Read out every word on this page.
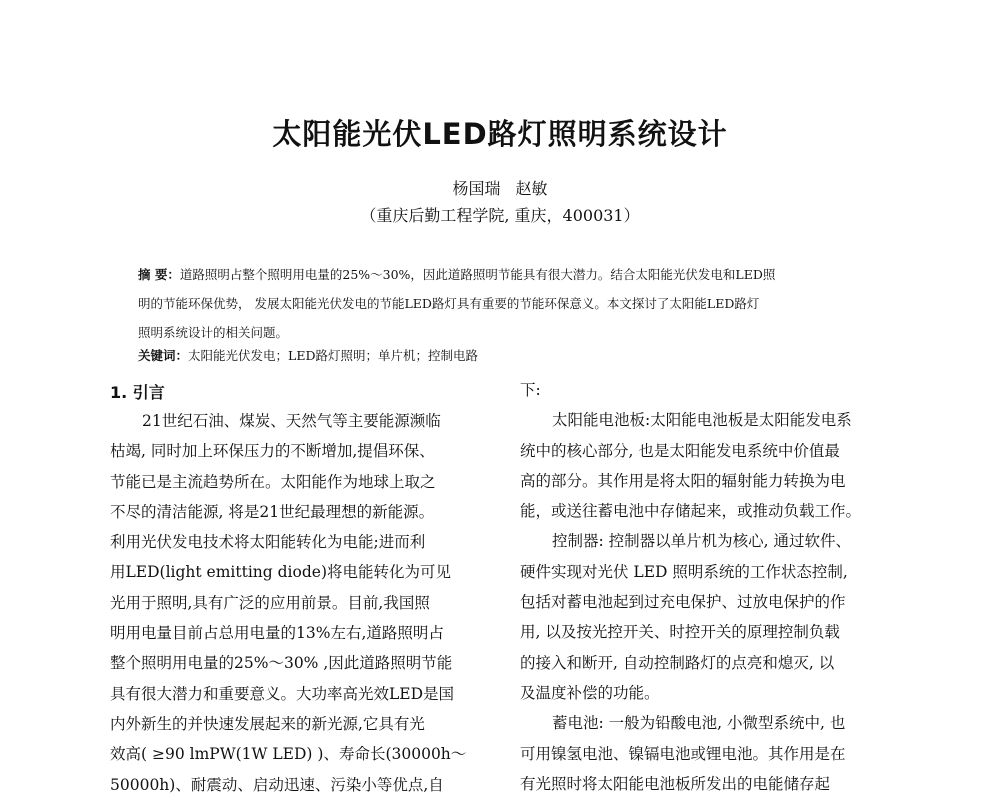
太阳能光伏LED路灯照明系统设计
杨国瑞 赵敏
（重庆后勤工程学院, 重庆，400031）
摘 要：道路照明占整个照明用电量的25%～30%，因此道路照明节能具有很大潜力。结合太阳能光伏发电和LED照
明的节能环保优势， 发展太阳能光伏发电的节能LED路灯具有重要的节能环保意义。本文探讨了太阳能LED路灯
照明系统设计的相关问题。
关键词：太阳能光伏发电；LED路灯照明；单片机；控制电路
1. 引言
21世纪石油、煤炭、天然气等主要能源濒临
枯竭, 同时加上环保压力的不断增加,提倡环保、
节能已是主流趋势所在。太阳能作为地球上取之
不尽的清洁能源, 将是21世纪最理想的新能源。
利用光伏发电技术将太阳能转化为电能;进而利
用LED(light emitting diode)将电能转化为可见
光用于照明,具有广泛的应用前景。目前,我国照
明用电量目前占总用电量的13%左右,道路照明占
整个照明用电量的25%～30% ,因此道路照明节能
具有很大潜力和重要意义。大功率高光效LED是国
内外新生的并快速发展起来的新光源,它具有光
效高( ≥90 lmPW(1W LED) )、寿命长(30000h～
50000h)、耐震动、启动迅速、污染小等优点,自
下:
太阳能电池板:太阳能电池板是太阳能发电系
统中的核心部分, 也是太阳能发电系统中价值最
高的部分。其作用是将太阳的辐射能力转换为电
能，或送往蓄电池中存储起来，或推动负载工作。
控制器: 控制器以单片机为核心, 通过软件、
硬件实现对光伏 LED 照明系统的工作状态控制,
包括对蓄电池起到过充电保护、过放电保护的作
用, 以及按光控开关、时控开关的原理控制负载
的接入和断开, 自动控制路灯的点亮和熄灭, 以
及温度补偿的功能。
蓄电池: 一般为铅酸电池, 小微型系统中, 也
可用镍氢电池、镍镉电池或锂电池。其作用是在
有光照时将太阳能电池板所发出的电能储存起
